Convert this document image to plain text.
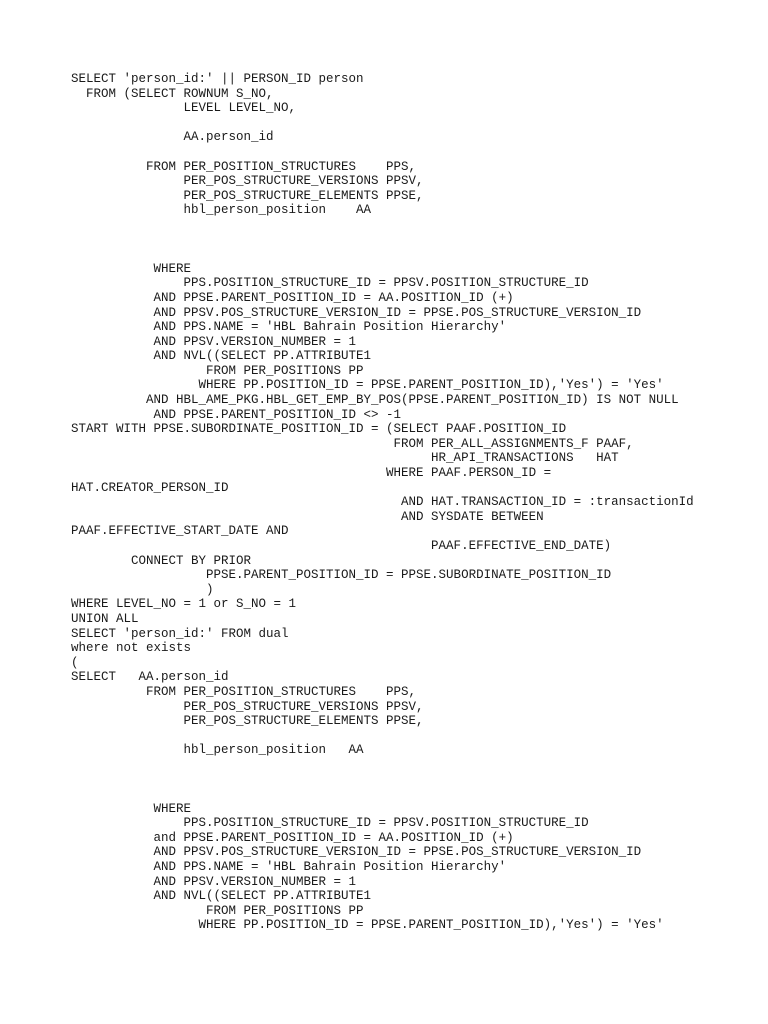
SELECT 'person_id:' || PERSON_ID person
FROM (SELECT ROWNUM S_NO,
LEVEL LEVEL_NO,
AA.person_id
FROM PER_POSITION_STRUCTURES    PPS,
PER_POS_STRUCTURE_VERSIONS PPSV,
PER_POS_STRUCTURE_ELEMENTS PPSE,
hbl_person_position    AA
WHERE
PPS.POSITION_STRUCTURE_ID = PPSV.POSITION_STRUCTURE_ID
AND PPSE.PARENT_POSITION_ID = AA.POSITION_ID (+)
AND PPSV.POS_STRUCTURE_VERSION_ID = PPSE.POS_STRUCTURE_VERSION_ID
AND PPS.NAME = 'HBL Bahrain Position Hierarchy'
AND PPSV.VERSION_NUMBER = 1
AND NVL((SELECT PP.ATTRIBUTE1
FROM PER_POSITIONS PP
WHERE PP.POSITION_ID = PPSE.PARENT_POSITION_ID),'Yes') = 'Yes'
AND HBL_AME_PKG.HBL_GET_EMP_BY_POS(PPSE.PARENT_POSITION_ID) IS NOT NULL
AND PPSE.PARENT_POSITION_ID <> -1
START WITH PPSE.SUBORDINATE_POSITION_ID = (SELECT PAAF.POSITION_ID
FROM PER_ALL_ASSIGNMENTS_F PAAF,
HR_API_TRANSACTIONS   HAT
WHERE PAAF.PERSON_ID =
HAT.CREATOR_PERSON_ID
AND HAT.TRANSACTION_ID = :transactionId
AND SYSDATE BETWEEN
PAAF.EFFECTIVE_START_DATE AND
PAAF.EFFECTIVE_END_DATE)
CONNECT BY PRIOR
PPSE.PARENT_POSITION_ID = PPSE.SUBORDINATE_POSITION_ID
)
WHERE LEVEL_NO = 1 or S_NO = 1
UNION ALL
SELECT 'person_id:' FROM dual
where not exists
(
SELECT   AA.person_id
FROM PER_POSITION_STRUCTURES    PPS,
PER_POS_STRUCTURE_VERSIONS PPSV,
PER_POS_STRUCTURE_ELEMENTS PPSE,
hbl_person_position   AA
WHERE
PPS.POSITION_STRUCTURE_ID = PPSV.POSITION_STRUCTURE_ID
and PPSE.PARENT_POSITION_ID = AA.POSITION_ID (+)
AND PPSV.POS_STRUCTURE_VERSION_ID = PPSE.POS_STRUCTURE_VERSION_ID
AND PPS.NAME = 'HBL Bahrain Position Hierarchy'
AND PPSV.VERSION_NUMBER = 1
AND NVL((SELECT PP.ATTRIBUTE1
FROM PER_POSITIONS PP
WHERE PP.POSITION_ID = PPSE.PARENT_POSITION_ID),'Yes') = 'Yes'
